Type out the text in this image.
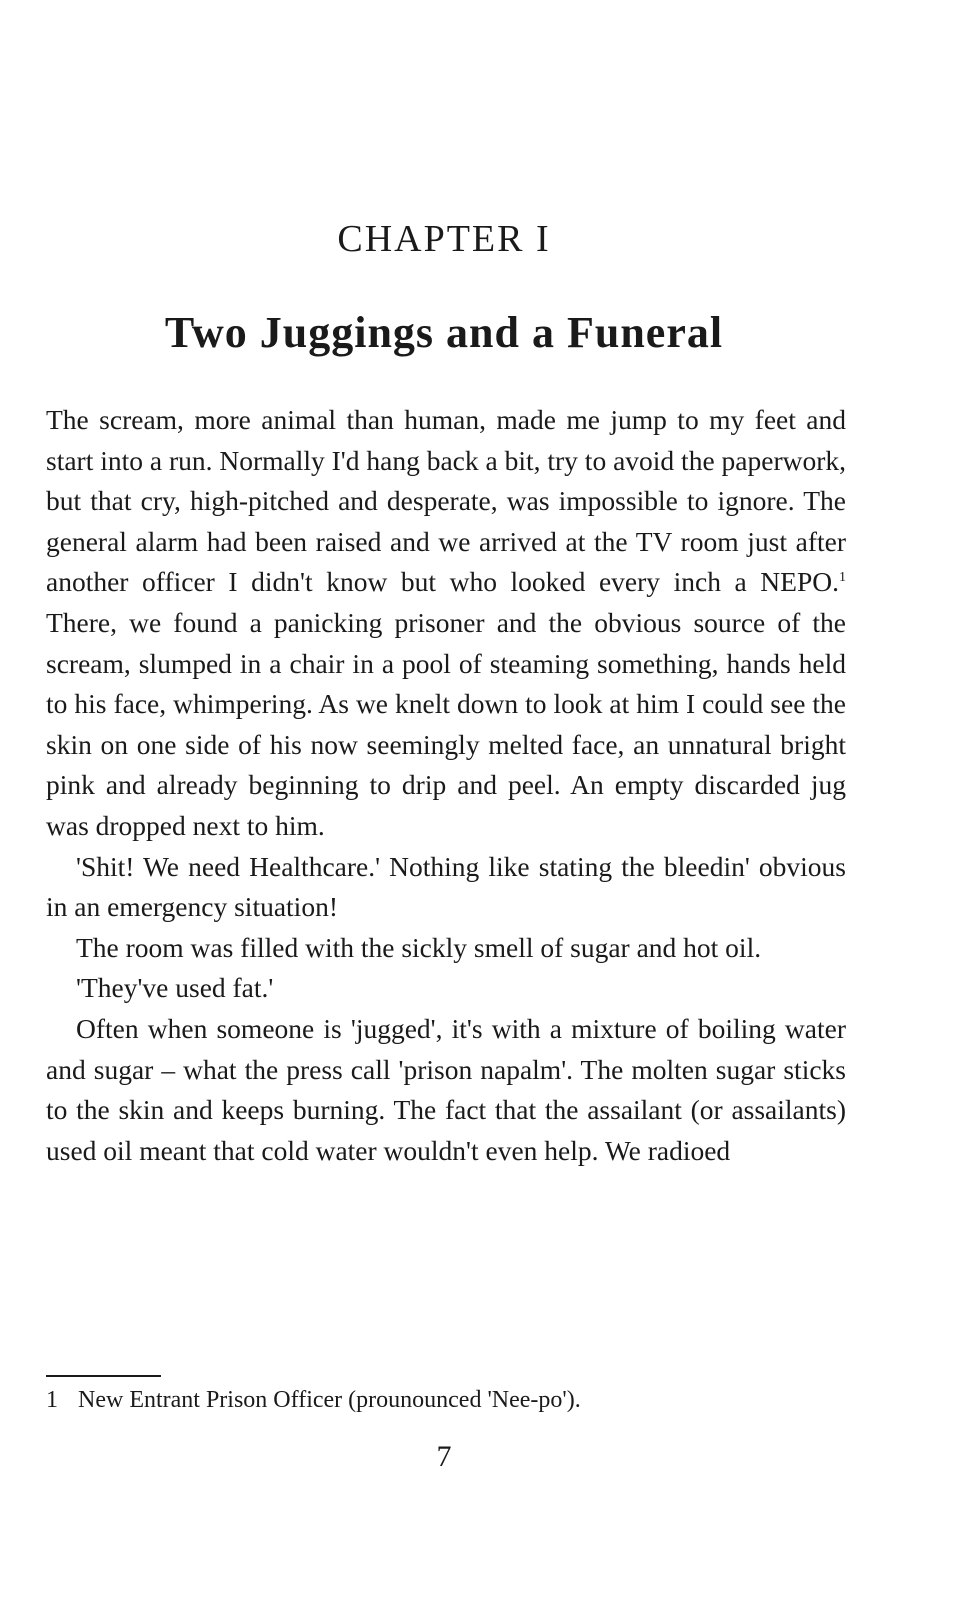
CHAPTER I
Two Juggings and a Funeral

The scream, more animal than human, made me jump to my feet and start into a run. Normally I'd hang back a bit, try to avoid the paperwork, but that cry, high-pitched and desperate, was impossible to ignore. The general alarm had been raised and we arrived at the TV room just after another officer I didn't know but who looked every inch a NEPO.$^1$ There, we found a panicking prisoner and the obvious source of the scream, slumped in a chair in a pool of steaming something, hands held to his face, whimpering. As we knelt down to look at him I could see the skin on one side of his now seemingly melted face, an unnatural bright pink and already beginning to drip and peel. An empty discarded jug was dropped next to him.

'Shit! We need Healthcare.' Nothing like stating the bleedin' obvious in an emergency situation!

The room was filled with the sickly smell of sugar and hot oil.

'They've used fat.'

Often when someone is 'jugged', it's with a mixture of boiling water and sugar – what the press call 'prison napalm'. The molten sugar sticks to the skin and keeps burning. The fact that the assailant (or assailants) used oil meant that cold water wouldn't even help. We radioed

1 New Entrant Prison Officer (prounounced 'Nee-po').
7
